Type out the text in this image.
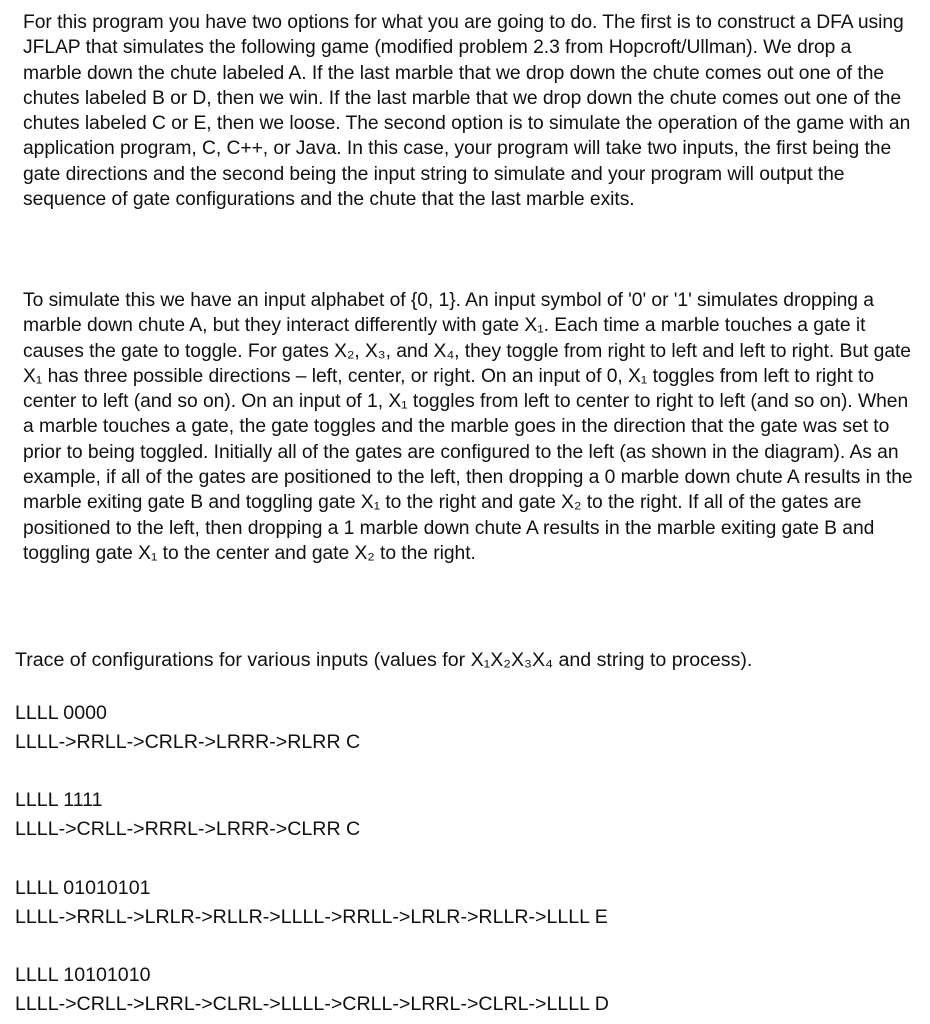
For this program you have two options for what you are going to do. The first is to construct a DFA using JFLAP that simulates the following game (modified problem 2.3 from Hopcroft/Ullman). We drop a marble down the chute labeled A. If the last marble that we drop down the chute comes out one of the chutes labeled B or D, then we win. If the last marble that we drop down the chute comes out one of the chutes labeled C or E, then we loose. The second option is to simulate the operation of the game with an application program, C, C++, or Java. In this case, your program will take two inputs, the first being the gate directions and the second being the input string to simulate and your program will output the sequence of gate configurations and the chute that the last marble exits.
To simulate this we have an input alphabet of {0, 1}. An input symbol of '0' or '1' simulates dropping a marble down chute A, but they interact differently with gate X₁. Each time a marble touches a gate it causes the gate to toggle. For gates X₂, X₃, and X₄, they toggle from right to left and left to right. But gate X₁ has three possible directions – left, center, or right. On an input of 0, X₁ toggles from left to right to center to left (and so on). On an input of 1, X₁ toggles from left to center to right to left (and so on). When a marble touches a gate, the gate toggles and the marble goes in the direction that the gate was set to prior to being toggled. Initially all of the gates are configured to the left (as shown in the diagram). As an example, if all of the gates are positioned to the left, then dropping a 0 marble down chute A results in the marble exiting gate B and toggling gate X₁ to the right and gate X₂ to the right. If all of the gates are positioned to the left, then dropping a 1 marble down chute A results in the marble exiting gate B and toggling gate X₁ to the center and gate X₂ to the right.
Trace of configurations for various inputs (values for X₁X₂X₃X₄ and string to process).
LLLL 0000
LLLL->RRLL->CRLR->LRRR->RLRR C
LLLL 1111
LLLL->CRLL->RRRL->LRRR->CLRR C
LLLL 01010101
LLLL->RRLL->LRLR->RLLR->LLLL->RRLL->LRLR->RLLR->LLLL E
LLLL 10101010
LLLL->CRLL->LRRL->CLRL->LLLL->CRLL->LRRL->CLRL->LLLL D
